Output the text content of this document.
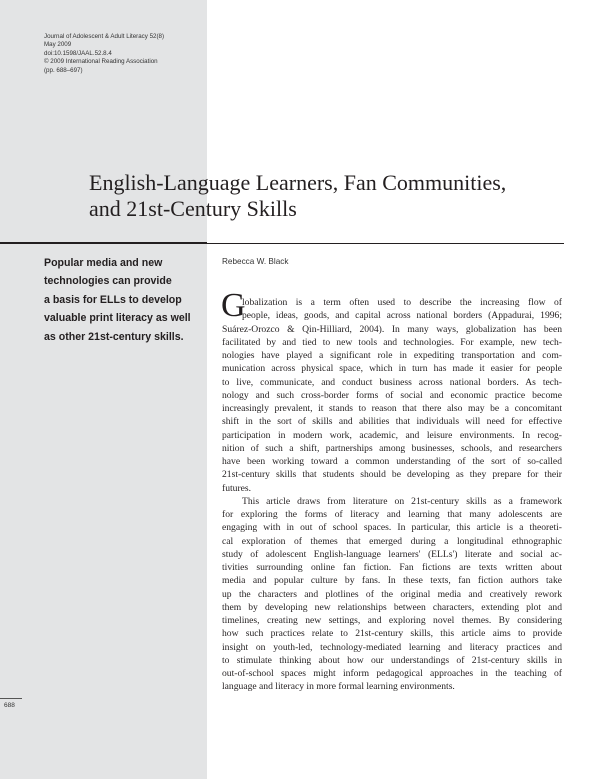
Journal of Adolescent & Adult Literacy 52(8)
May 2009
doi:10.1598/JAAL.52.8.4
© 2009 International Reading Association
(pp. 688–697)
English-Language Learners, Fan Communities,
and 21st-Century Skills
Popular media and new
technologies can provide
a basis for ELLs to develop
valuable print literacy as well
as other 21st-century skills.
Rebecca W. Black
G
lobalization is a term often used to describe the increasing flow of
people, ideas, goods, and capital across national borders (Appadurai, 1996;
Suárez-Orozco & Qin-Hilliard, 2004). In many ways, globalization has been
facilitated by and tied to new tools and technologies. For example, new tech-
nologies have played a significant role in expediting transportation and com-
munication across physical space, which in turn has made it easier for people
to live, communicate, and conduct business across national borders. As tech-
nology and such cross-border forms of social and economic practice become
increasingly prevalent, it stands to reason that there also may be a concomitant
shift in the sort of skills and abilities that individuals will need for effective
participation in modern work, academic, and leisure environments. In recog-
nition of such a shift, partnerships among businesses, schools, and researchers
have been working toward a common understanding of the sort of so-called
21st-century skills that students should be developing as they prepare for their
futures.
This article draws from literature on 21st-century skills as a framework
for exploring the forms of literacy and learning that many adolescents are
engaging with in out of school spaces. In particular, this article is a theoreti-
cal exploration of themes that emerged during a longitudinal ethnographic
study of adolescent English-language learners' (ELLs') literate and social ac-
tivities surrounding online fan fiction. Fan fictions are texts written about
media and popular culture by fans. In these texts, fan fiction authors take
up the characters and plotlines of the original media and creatively rework
them by developing new relationships between characters, extending plot and
timelines, creating new settings, and exploring novel themes. By considering
how such practices relate to 21st-century skills, this article aims to provide
insight on youth-led, technology-mediated learning and literacy practices and
to stimulate thinking about how our understandings of 21st-century skills in
out-of-school spaces might inform pedagogical approaches in the teaching of
language and literacy in more formal learning environments.
688
